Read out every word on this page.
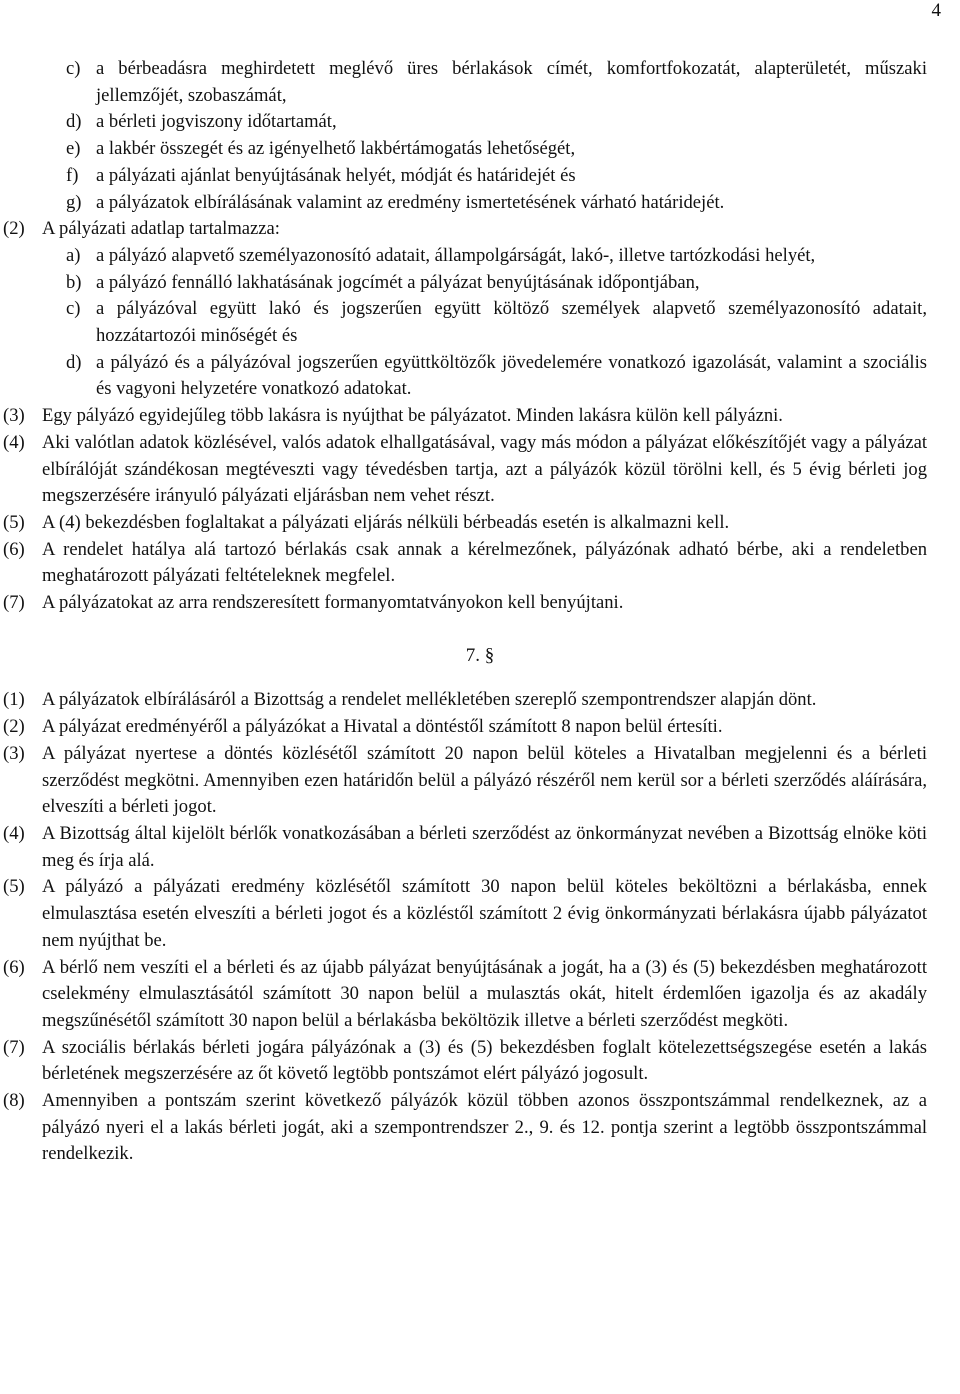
4
c) a bérbeadásra meghirdetett meglévő üres bérlakások címét, komfortfokozatát, alapterületét, műszaki jellemzőjét, szobaszámát,
d) a bérleti jogviszony időtartamát,
e) a lakbér összegét és az igényelhető lakbértámogatás lehetőségét,
f) a pályázati ajánlat benyújtásának helyét, módját és határidejét és
g) a pályázatok elbírálásának valamint az eredmény ismertetésének várható határidejét.
(2) A pályázati adatlap tartalmazza:
a) a pályázó alapvető személyazonosító adatait, állampolgárságát, lakó-, illetve tartózkodási helyét,
b) a pályázó fennálló lakhatásának jogcímét a pályázat benyújtásának időpontjában,
c) a pályázóval együtt lakó és jogszerűen együtt költöző személyek alapvető személyazonosító adatait, hozzátartozói minőségét és
d) a pályázó és a pályázóval jogszerűen együttköltözők jövedelemére vonatkozó igazolását, valamint a szociális és vagyoni helyzetére vonatkozó adatokat.
(3) Egy pályázó egyidejűleg több lakásra is nyújthat be pályázatot. Minden lakásra külön kell pályázni.
(4) Aki valótlan adatok közlésével, valós adatok elhallgatásával, vagy más módon a pályázat előkészítőjét vagy a pályázat elbírálóját szándékosan megtéveszti vagy tévedésben tartja, azt a pályázók közül törölni kell, és 5 évig bérleti jog megszerzésére irányuló pályázati eljárásban nem vehet részt.
(5) A (4) bekezdésben foglaltakat a pályázati eljárás nélküli bérbeadás esetén is alkalmazni kell.
(6) A rendelet hatálya alá tartozó bérlakás csak annak a kérelmezőnek, pályázónak adható bérbe, aki a rendeletben meghatározott pályázati feltételeknek megfelel.
(7) A pályázatokat az arra rendszeresített formanyomtatványokon kell benyújtani.
7. §
(1) A pályázatok elbírálásáról a Bizottság a rendelet mellékletében szereplő szempontrendszer alapján dönt.
(2) A pályázat eredményéről a pályázókat a Hivatal a döntéstől számított 8 napon belül értesíti.
(3) A pályázat nyertese a döntés közlésétől számított 20 napon belül köteles a Hivatalban megjelenni és a bérleti szerződést megkötni. Amennyiben ezen határidőn belül a pályázó részéről nem kerül sor a bérleti szerződés aláírására, elveszíti a bérleti jogot.
(4) A Bizottság által kijelölt bérlők vonatkozásában a bérleti szerződést az önkormányzat nevében a Bizottság elnöke köti meg és írja alá.
(5) A pályázó a pályázati eredmény közlésétől számított 30 napon belül köteles beköltözni a bérlakásba, ennek elmulasztása esetén elveszíti a bérleti jogot és a közléstől számított 2 évig önkormányzati bérlakásra újabb pályázatot nem nyújthat be.
(6) A bérlő nem veszíti el a bérleti és az újabb pályázat benyújtásának a jogát, ha a (3) és (5) bekezdésben meghatározott cselekmény elmulasztásától számított 30 napon belül a mulasztás okát, hitelt érdemlően igazolja és az akadály megszűnésétől számított 30 napon belül a bérlakásba beköltözik illetve a bérleti szerződést megköti.
(7) A szociális bérlakás bérleti jogára pályázónak a (3) és (5) bekezdésben foglalt kötelezettségszegése esetén a lakás bérletének megszerzésére az őt követő legtöbb pontszámot elért pályázó jogosult.
(8) Amennyiben a pontszám szerint következő pályázók közül többen azonos összpontszámmal rendelkeznek, az a pályázó nyeri el a lakás bérleti jogát, aki a szempontrendszer 2., 9. és 12. pontja szerint a legtöbb összpontszámmal rendelkezik.
